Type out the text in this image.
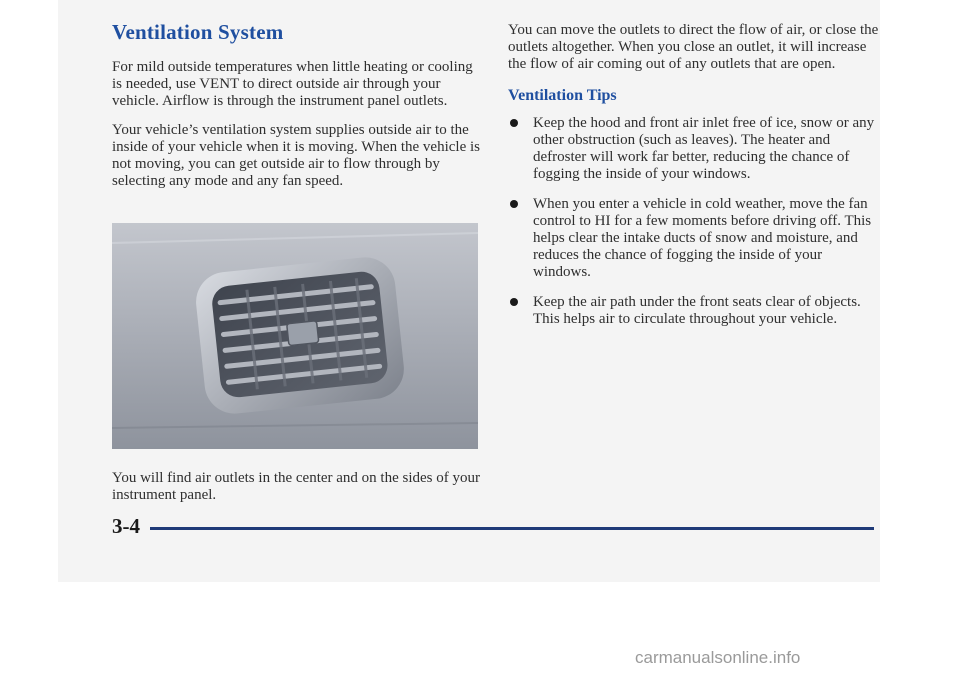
Ventilation System

For mild outside temperatures when little heating or cooling is needed, use VENT to direct outside air through your vehicle. Airflow is through the instrument panel outlets.

Your vehicle’s ventilation system supplies outside air to the inside of your vehicle when it is moving. When the vehicle is not moving, you can get outside air to flow through by selecting any mode and any fan speed.

You will find air outlets in the center and on the sides of your instrument panel.

You can move the outlets to direct the flow of air, or close the outlets altogether. When you close an outlet, it will increase the flow of air coming out of any outlets that are open.

Ventilation Tips
Keep the hood and front air inlet free of ice, snow or any other obstruction (such as leaves). The heater and defroster will work far better, reducing the chance of fogging the inside of your windows.
When you enter a vehicle in cold weather, move the fan control to HI for a few moments before driving off. This helps clear the intake ducts of snow and moisture, and reduces the chance of fogging the inside of your windows.
Keep the air path under the front seats clear of objects. This helps air to circulate throughout your vehicle.
3-4
carmanualsonline.info
